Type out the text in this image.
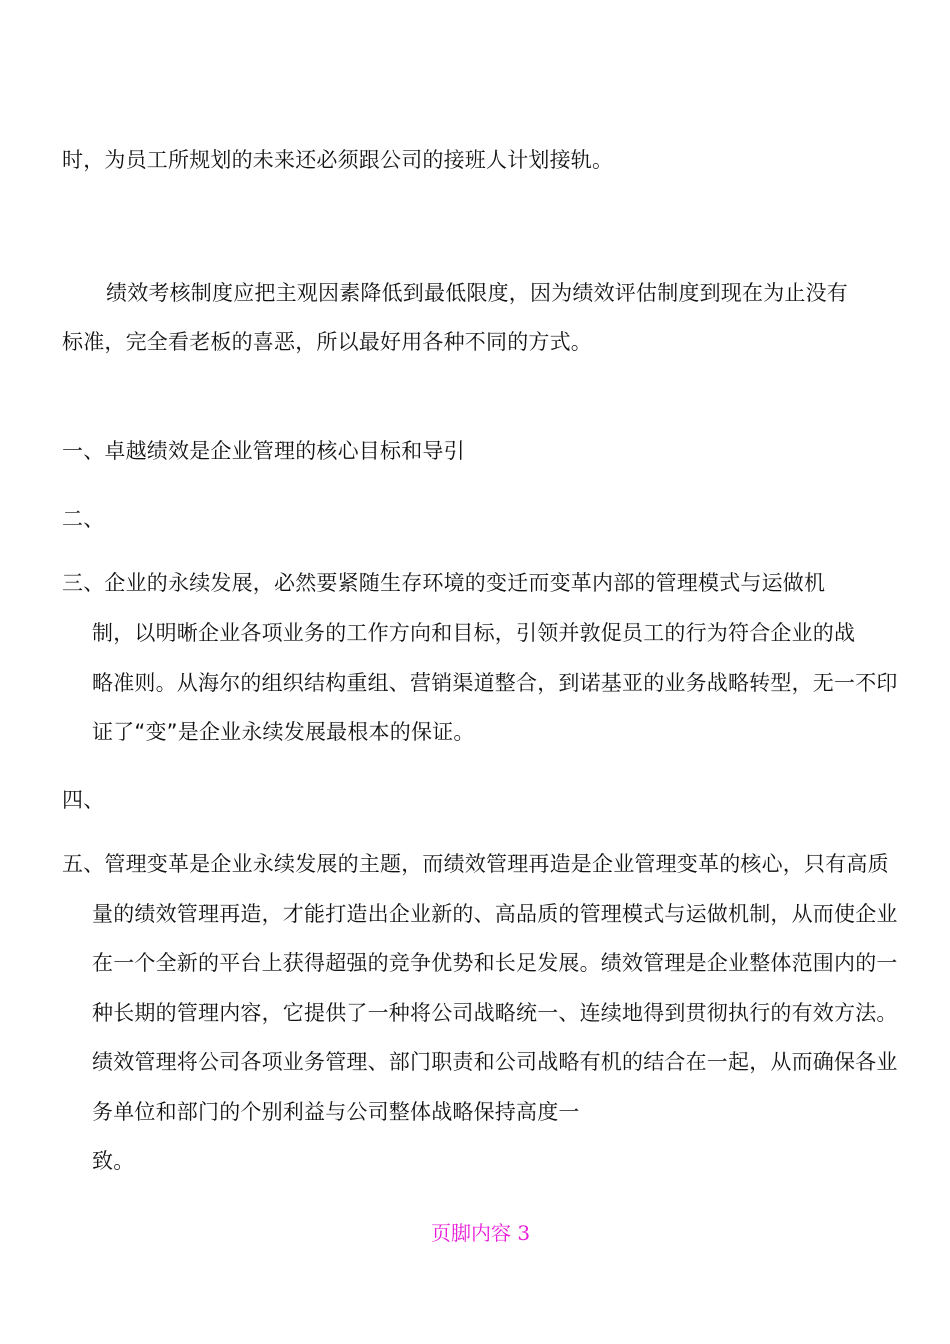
时，为员工所规划的未来还必须跟公司的接班人计划接轨。
绩效考核制度应把主观因素降低到最低限度，因为绩效评估制度到现在为止没有
标准，完全看老板的喜恶，所以最好用各种不同的方式。
一、卓越绩效是企业管理的核心目标和导引
二、
三、企业的永续发展，必然要紧随生存环境的变迁而变革内部的管理模式与运做机
制，以明晰企业各项业务的工作方向和目标，引领并敦促员工的行为符合企业的战
略准则。从海尔的组织结构重组、营销渠道整合，到诺基亚的业务战略转型，无一不印
证了“变”是企业永续发展最根本的保证。
四、
五、管理变革是企业永续发展的主题，而绩效管理再造是企业管理变革的核心，只有高质
量的绩效管理再造，才能打造出企业新的、高品质的管理模式与运做机制，从而使企业
在一个全新的平台上获得超强的竞争优势和长足发展。绩效管理是企业整体范围内的一
种长期的管理内容，它提供了一种将公司战略统一、连续地得到贯彻执行的有效方法。
绩效管理将公司各项业务管理、部门职责和公司战略有机的结合在一起，从而确保各业
务单位和部门的个别利益与公司整体战略保持高度一
致。
页脚内容 3
